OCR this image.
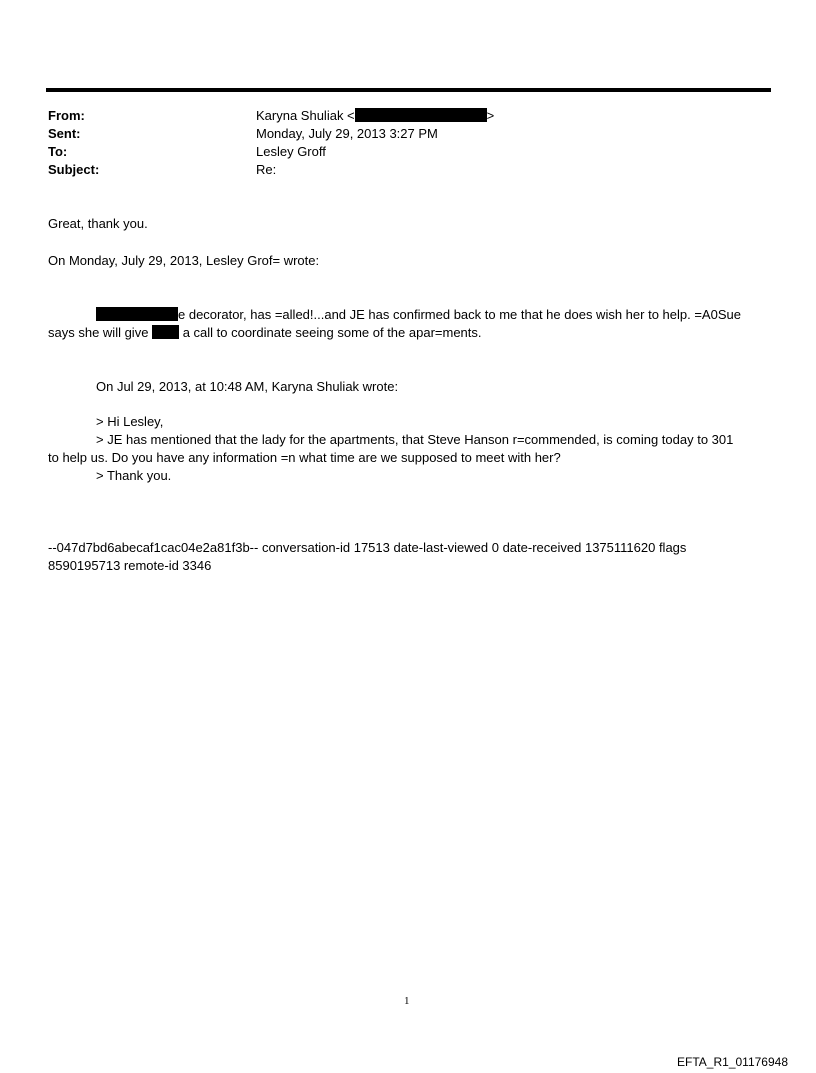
From:	Karyna Shuliak <	>
Sent:	Monday, July 29, 2013 3:27 PM
To:	Lesley Groff
Subject:	Re:
Great, thank you.
On Monday, July 29, 2013, Lesley Grof= wrote:
e decorator, has =alled!...and JE has confirmed back to me that he does wish her to help. =A0Sue
says she will give	a call to coordinate seeing some of the apar=ments.
On Jul 29, 2013, at 10:48 AM, Karyna Shuliak wrote:
> Hi Lesley,
> JE has mentioned that the lady for the apartments, that Steve Hanson r=commended, is coming today to 301
to help us. Do you have any information =n what time are we supposed to meet with her?
> Thank you.
--047d7bd6abecaf1cac04e2a81f3b-- conversation-id 17513 date-last-viewed 0 date-received 1375111620 flags
8590195713 remote-id 3346
1
EFTA_R1_01176948
